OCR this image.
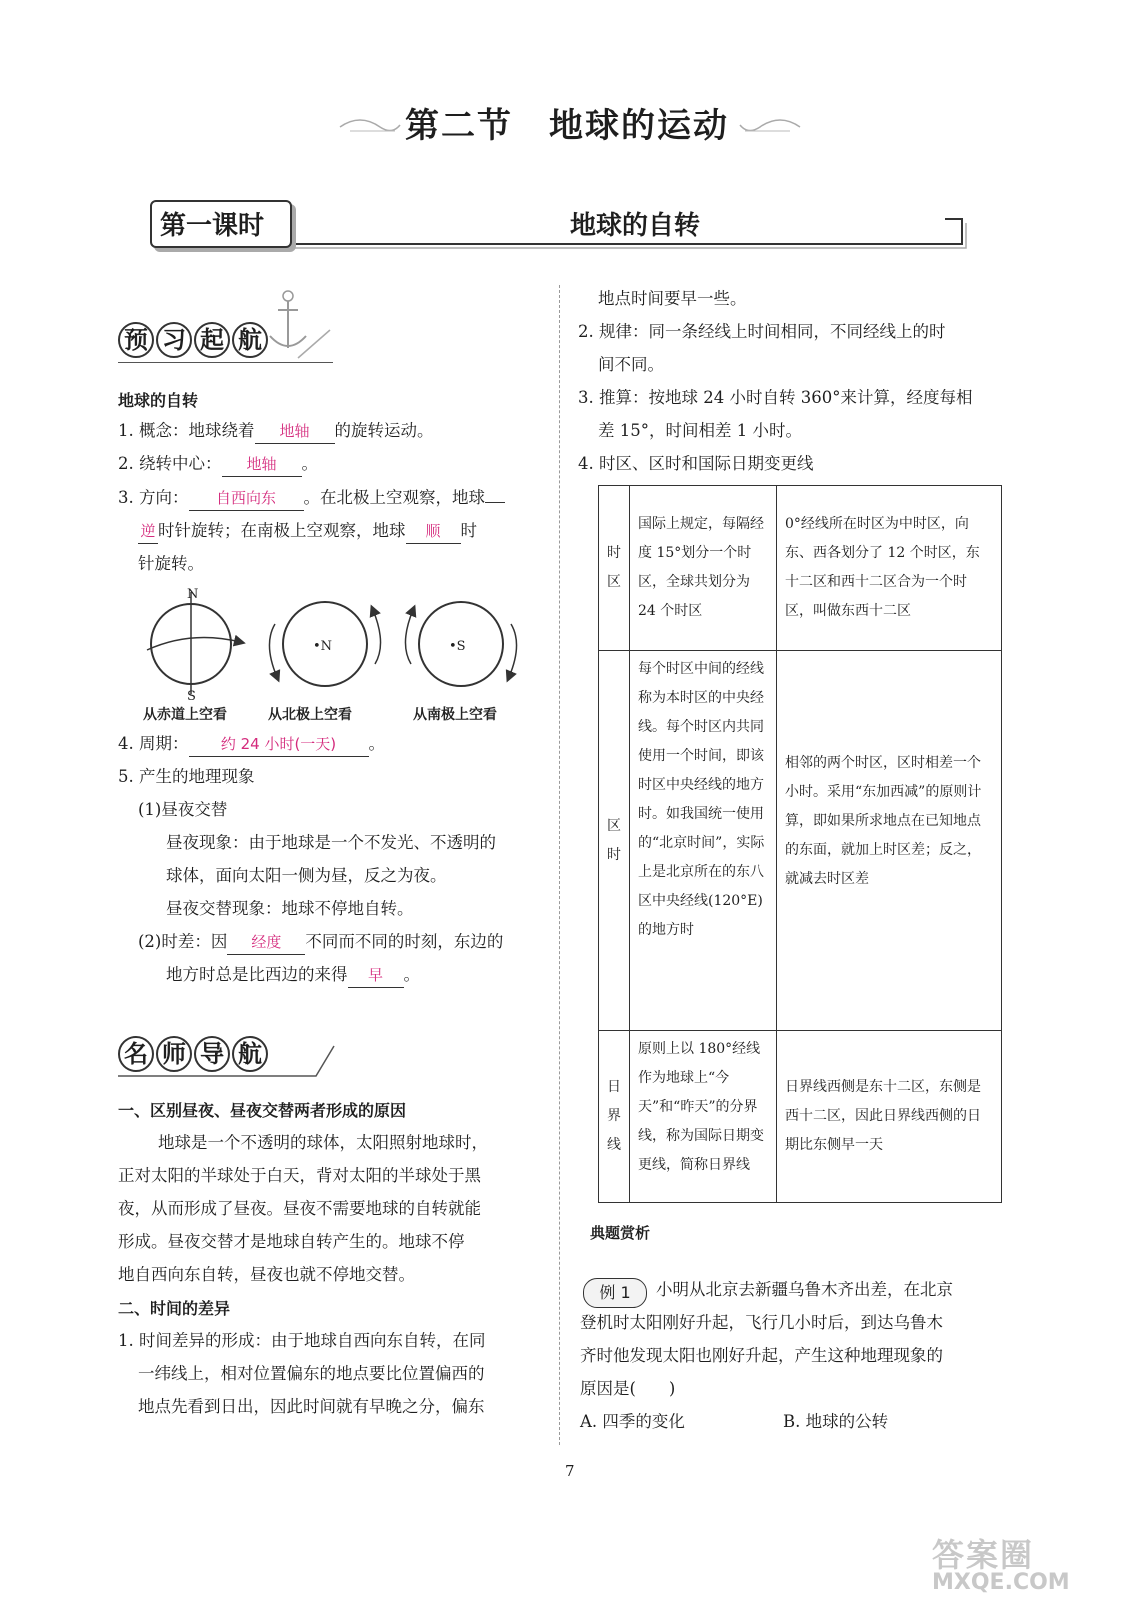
第二节　地球的运动
第一课时	地球的自转
预 习 起 航
地球的自转
1. 概念：地球绕着 地轴 的旋转运动。
2. 绕转中心： 地轴 。
3. 方向： 自西向东 。在北极上空观察，地球
逆 时针旋转；在南极上空观察，地球 顺 时
针旋转。
N
S
•N	•S
从赤道上空看	从北极上空看	从南极上空看
4. 周期： 约 24 小时(一天) 。
5. 产生的地理现象
(1)昼夜交替
昼夜现象：由于地球是一个不发光、不透明的
球体，面向太阳一侧为昼，反之为夜。
昼夜交替现象：地球不停地自转。
(2)时差：因 经度 不同而不同的时刻，东边的
地方时总是比西边的来得 早 。
名 师 导 航
一、区别昼夜、昼夜交替两者形成的原因
地球是一个不透明的球体，太阳照射地球时，
正对太阳的半球处于白天，背对太阳的半球处于黑
夜，从而形成了昼夜。昼夜不需要地球的自转就能
形成。昼夜交替才是地球自转产生的。地球不停
地自西向东自转，昼夜也就不停地交替。
二、时间的差异
1. 时间差异的形成：由于地球自西向东自转，在同
一纬线上，相对位置偏东的地点要比位置偏西的
地点先看到日出，因此时间就有早晚之分，偏东
地点时间要早一些。
2. 规律：同一条经线上时间相同，不同经线上的时
间不同。
3. 推算：按地球 24 小时自转 360°来计算，经度每相
差 15°，时间相差 1 小时。
4. 时区、区时和国际日期变更线
时区	国际上规定，每隔经度 15°划分一个时区，全球共划分为 24 个时区	0°经线所在时区为中时区，向东、西各划分了 12 个时区，东十二区和西十二区合为一个时区，叫做东西十二区
区时	每个时区中间的经线称为本时区的中央经线。每个时区内共同使用一个时间，即该时区中央经线的地方时。如我国统一使用的“北京时间”，实际上是北京所在的东八区中央经线(120°E)的地方时	相邻的两个时区，区时相差一个小时。采用“东加西减”的原则计算，即如果所求地点在已知地点的东面，就加上时区差；反之，就减去时区差
日界线	原则上以 180°经线作为地球上“今天”和“昨天”的分界线，称为国际日期变更线，简称日界线	日界线西侧是东十二区，东侧是西十二区，因此日界线西侧的日期比东侧早一天
典题赏析
例 1	小明从北京去新疆乌鲁木齐出差，在北京
登机时太阳刚好升起，飞行几小时后，到达乌鲁木
齐时他发现太阳也刚好升起，产生这种地理现象的
原因是(　　)
A. 四季的变化	B. 地球的公转
7
答案圈
MXQE.COM
